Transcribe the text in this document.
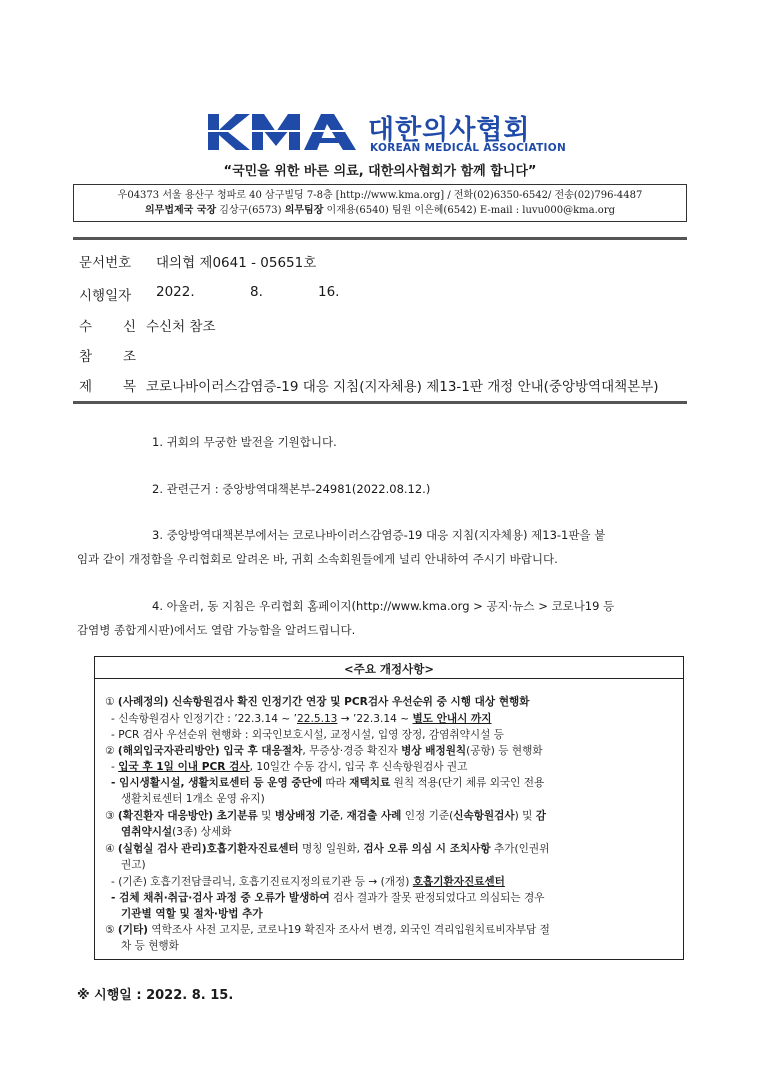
대한의사협회
KOREAN MEDICAL ASSOCIATION
“국민을 위한 바른 의료, 대한의사협회가 함께 합니다”
우04373 서울 용산구 청파로 40 삼구빌딩 7-8층 [http://www.kma.org] / 전화(02)6350-6542/ 전송(02)796-4487
의무법제국 국장 김상구(6573) 의무팀장 이재용(6540) 팀원 이은혜(6542) E-mail : luvu000@kma.org
문서번호 대의협 제0641 - 05651호
시행일자 2022.	8.	16.
수 신 수신처 참조
참 조
제 목 코로나바이러스감염증-19 대응 지침(지자체용) 제13-1판 개정 안내(중앙방역대책본부)
1. 귀회의 무궁한 발전을 기원합니다.
2. 관련근거 : 중앙방역대책본부-24981(2022.08.12.)
3. 중앙방역대책본부에서는 코로나바이러스감염증-19 대응 지침(지자체용) 제13-1판을 붙
임과 같이 개정함을 우리협회로 알려온 바, 귀회 소속회원들에게 널리 안내하여 주시기 바랍니다.
4. 아울러, 동 지침은 우리협회 홈페이지(http://www.kma.org > 공지·뉴스 > 코로나19 등
감염병 종합게시판)에서도 열람 가능함을 알려드립니다.
<주요 개정사항>
① (사례정의) 신속항원검사 확진 인정기간 연장 및 PCR검사 우선순위 중 시행 대상 현행화
- 신속항원검사 인정기간 : ’22.3.14 ~ ’22.5.13 → ’22.3.14 ~ 별도 안내시 까지
- PCR 검사 우선순위 현행화 : 외국인보호시설, 교정시설, 입영 장정, 감염취약시설 등
② (해외입국자관리방안) 입국 후 대응절차, 무증상·경증 확진자 병상 배정원칙(공항) 등 현행화
- 입국 후 1일 이내 PCR 검사, 10일간 수동 감시, 입국 후 신속항원검사 권고
- 임시생활시설, 생활치료센터 등 운영 중단에 따라 재택치료 원칙 적용(단기 체류 외국인 전용
생활치료센터 1개소 운영 유지)
③ (확진환자 대응방안) 초기분류 및 병상배정 기준, 재검출 사례 인정 기준(신속항원검사) 및 감
염취약시설(3종) 상세화
④ (실험실 검사 관리)호흡기환자진료센터 명칭 일원화, 검사 오류 의심 시 조치사항 추가(인권위
권고)
- (기존) 호흡기전담클리닉, 호흡기진료지정의료기관 등 → (개정) 호흡기환자진료센터
- 검체 채취·취급·검사 과정 중 오류가 발생하여 검사 결과가 잘못 판정되었다고 의심되는 경우
기관별 역할 및 절차·방법 추가
⑤ (기타) 역학조사 사전 고지문, 코로나19 확진자 조사서 변경, 외국인 격리입원치료비자부담 절
차 등 현행화
※ 시행일 : 2022. 8. 15.
